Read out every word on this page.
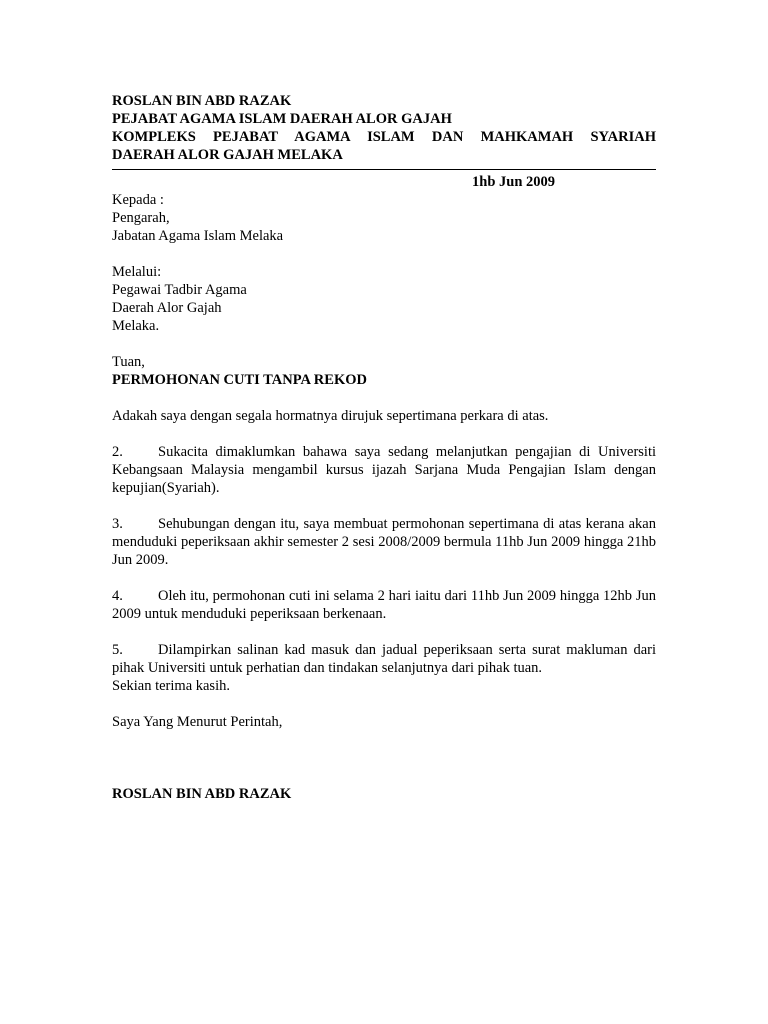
ROSLAN BIN ABD RAZAK
PEJABAT AGAMA ISLAM DAERAH ALOR GAJAH
KOMPLEKS PEJABAT AGAMA ISLAM DAN MAHKAMAH SYARIAH
DAERAH ALOR GAJAH MELAKA
1hb Jun 2009
Kepada :
Pengarah,
Jabatan Agama Islam Melaka
Melalui:
Pegawai Tadbir Agama
Daerah Alor Gajah
Melaka.
Tuan,
PERMOHONAN CUTI TANPA REKOD
Adakah saya dengan segala hormatnya dirujuk sepertimana perkara di atas.
2. Sukacita dimaklumkan bahawa saya sedang melanjutkan pengajian di Universiti Kebangsaan Malaysia mengambil kursus ijazah Sarjana Muda Pengajian Islam dengan kepujian(Syariah).
3. Sehubungan dengan itu, saya membuat permohonan sepertimana di atas kerana akan menduduki peperiksaan akhir semester 2 sesi 2008/2009 bermula 11hb Jun 2009 hingga 21hb Jun 2009.
4. Oleh itu, permohonan cuti ini selama 2 hari iaitu dari 11hb Jun 2009 hingga 12hb Jun 2009 untuk menduduki peperiksaan berkenaan.
5. Dilampirkan salinan kad masuk dan jadual peperiksaan serta surat makluman dari pihak Universiti untuk perhatian dan tindakan selanjutnya dari pihak tuan.
Sekian terima kasih.
Saya Yang Menurut Perintah,
ROSLAN BIN ABD RAZAK
